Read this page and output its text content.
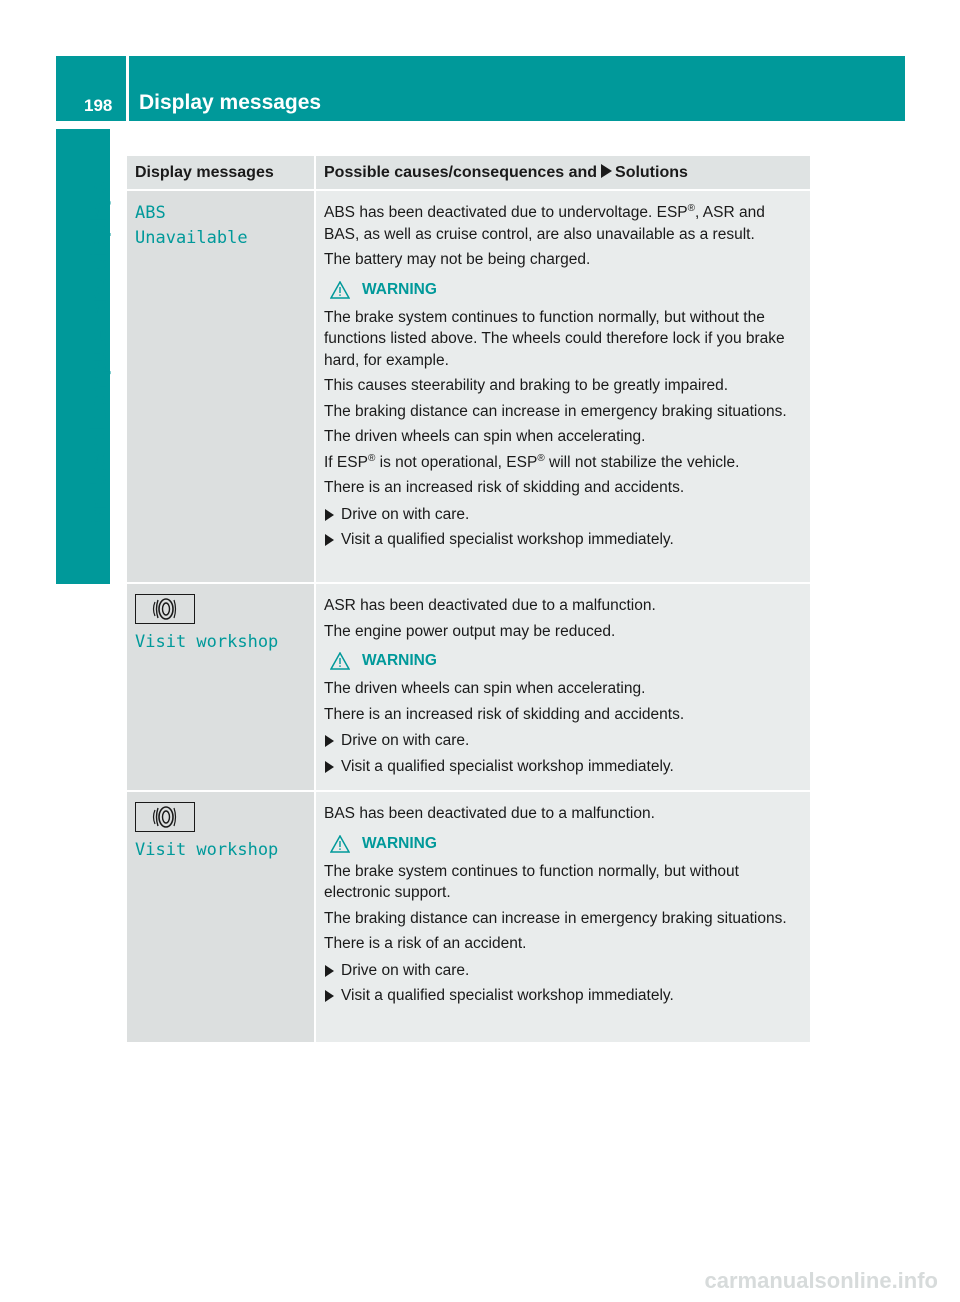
198 Display messages
On-board computer and displays
Display messages	Possible causes/consequences and Solutions
ABS
Unavailable

ABS has been deactivated due to undervoltage. ESP®, ASR and BAS, as well as cruise control, are also unavailable as a result.

The battery may not be being charged.

WARNING

The brake system continues to function normally, but without the functions listed above. The wheels could therefore lock if you brake hard, for example.

This causes steerability and braking to be greatly impaired.

The braking distance can increase in emergency braking situations.

The driven wheels can spin when accelerating.

If ESP® is not operational, ESP® will not stabilize the vehicle.

There is an increased risk of skidding and accidents.

Drive on with care.

Visit a qualified specialist workshop immediately.

Visit workshop

ASR has been deactivated due to a malfunction.

The engine power output may be reduced.

WARNING

The driven wheels can spin when accelerating.

There is an increased risk of skidding and accidents.

Drive on with care.

Visit a qualified specialist workshop immediately.

Visit workshop

BAS has been deactivated due to a malfunction.

WARNING

The brake system continues to function normally, but without electronic support.

The braking distance can increase in emergency braking situations.

There is a risk of an accident.

Drive on with care.

Visit a qualified specialist workshop immediately.

carmanualsonline.info
